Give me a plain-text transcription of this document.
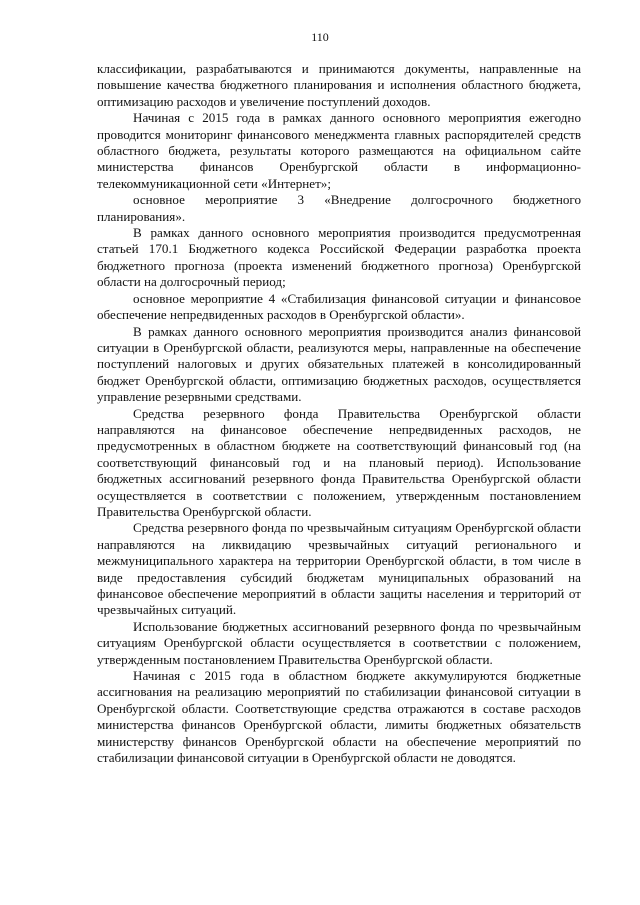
110

классификации, разрабатываются и принимаются документы, направленные на повышение качества бюджетного планирования и исполнения областного бюджета, оптимизацию расходов и увеличение поступлений доходов.

Начиная с 2015 года в рамках данного основного мероприятия ежегодно проводится мониторинг финансового менеджмента главных распорядителей средств областного бюджета, результаты которого размещаются на официальном сайте министерства финансов Оренбургской области в информационно-телекоммуникационной сети «Интернет»;

основное мероприятие 3 «Внедрение долгосрочного бюджетного планирования».

В рамках данного основного мероприятия производится предусмотренная статьей 170.1 Бюджетного кодекса Российской Федерации разработка проекта бюджетного прогноза (проекта изменений бюджетного прогноза) Оренбургской области на долгосрочный период;

основное мероприятие 4 «Стабилизация финансовой ситуации и финансовое обеспечение непредвиденных расходов в Оренбургской области».

В рамках данного основного мероприятия производится анализ финансовой ситуации в Оренбургской области, реализуются меры, направленные на обеспечение поступлений налоговых и других обязательных платежей в консолидированный бюджет Оренбургской области, оптимизацию бюджетных расходов, осуществляется управление резервными средствами.

Средства резервного фонда Правительства Оренбургской области направляются на финансовое обеспечение непредвиденных расходов, не предусмотренных в областном бюджете на соответствующий финансовый год (на соответствующий финансовый год и на плановый период). Использование бюджетных ассигнований резервного фонда Правительства Оренбургской области осуществляется в соответствии с положением, утвержденным постановлением Правительства Оренбургской области.

Средства резервного фонда по чрезвычайным ситуациям Оренбургской области направляются на ликвидацию чрезвычайных ситуаций регионального и межмуниципального характера на территории Оренбургской области, в том числе в виде предоставления субсидий бюджетам муниципальных образований на финансовое обеспечение мероприятий в области защиты населения и территорий от чрезвычайных ситуаций.

Использование бюджетных ассигнований резервного фонда по чрезвычайным ситуациям Оренбургской области осуществляется в соответствии с положением, утвержденным постановлением Правительства Оренбургской области.

Начиная с 2015 года в областном бюджете аккумулируются бюджетные ассигнования на реализацию мероприятий по стабилизации финансовой ситуации в Оренбургской области. Соответствующие средства отражаются в составе расходов министерства финансов Оренбургской области, лимиты бюджетных обязательств министерству финансов Оренбургской области на обеспечение мероприятий по стабилизации финансовой ситуации в Оренбургской области не доводятся.
